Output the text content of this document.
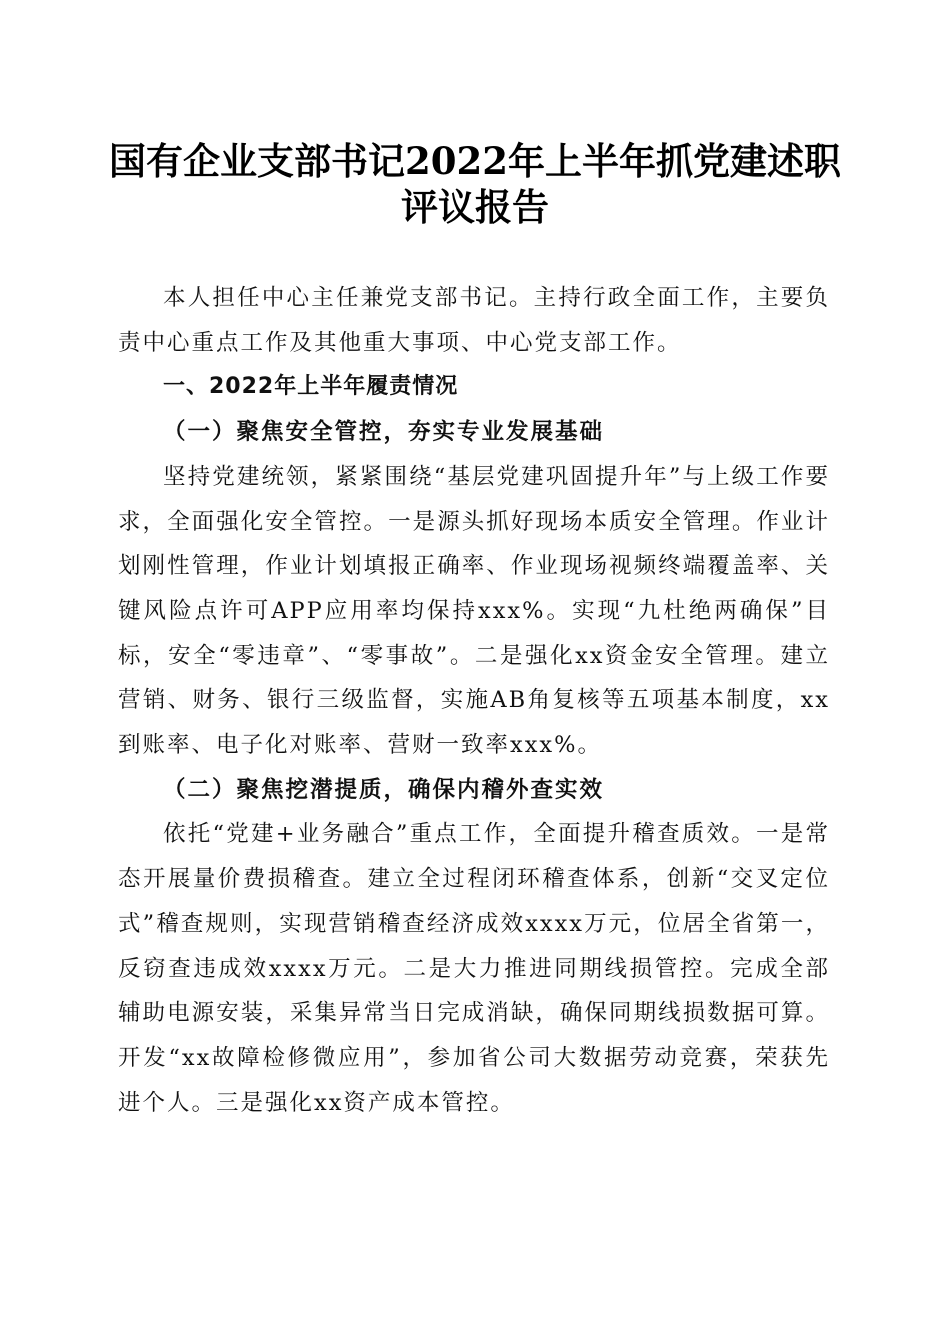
国有企业支部书记2022年上半年抓党建述职
评议报告

本人担任中心主任兼党支部书记。主持行政全面工作，主要负责中心重点工作及其他重大事项、中心党支部工作。

一、2022年上半年履责情况
（一）聚焦安全管控，夯实专业发展基础

坚持党建统领，紧紧围绕“基层党建巩固提升年”与上级工作要求，全面强化安全管控。一是源头抓好现场本质安全管理。作业计划刚性管理，作业计划填报正确率、作业现场视频终端覆盖率、关键风险点许可APP应用率均保持xxx%。实现“九杜绝两确保”目标，安全“零违章”、“零事故”。二是强化xx资金安全管理。建立营销、财务、银行三级监督，实施AB角复核等五项基本制度，xx到账率、电子化对账率、营财一致率xxx%。

（二）聚焦挖潜提质，确保内稽外查实效

依托“党建+业务融合”重点工作，全面提升稽查质效。一是常态开展量价费损稽查。建立全过程闭环稽查体系，创新“交叉定位式”稽查规则，实现营销稽查经济成效xxxx万元，位居全省第一，反窃查违成效xxxx万元。二是大力推进同期线损管控。完成全部辅助电源安装，采集异常当日完成消缺，确保同期线损数据可算。开发“xx故障检修微应用”，参加省公司大数据劳动竞赛，荣获先进个人。三是强化xx资产成本管控。
